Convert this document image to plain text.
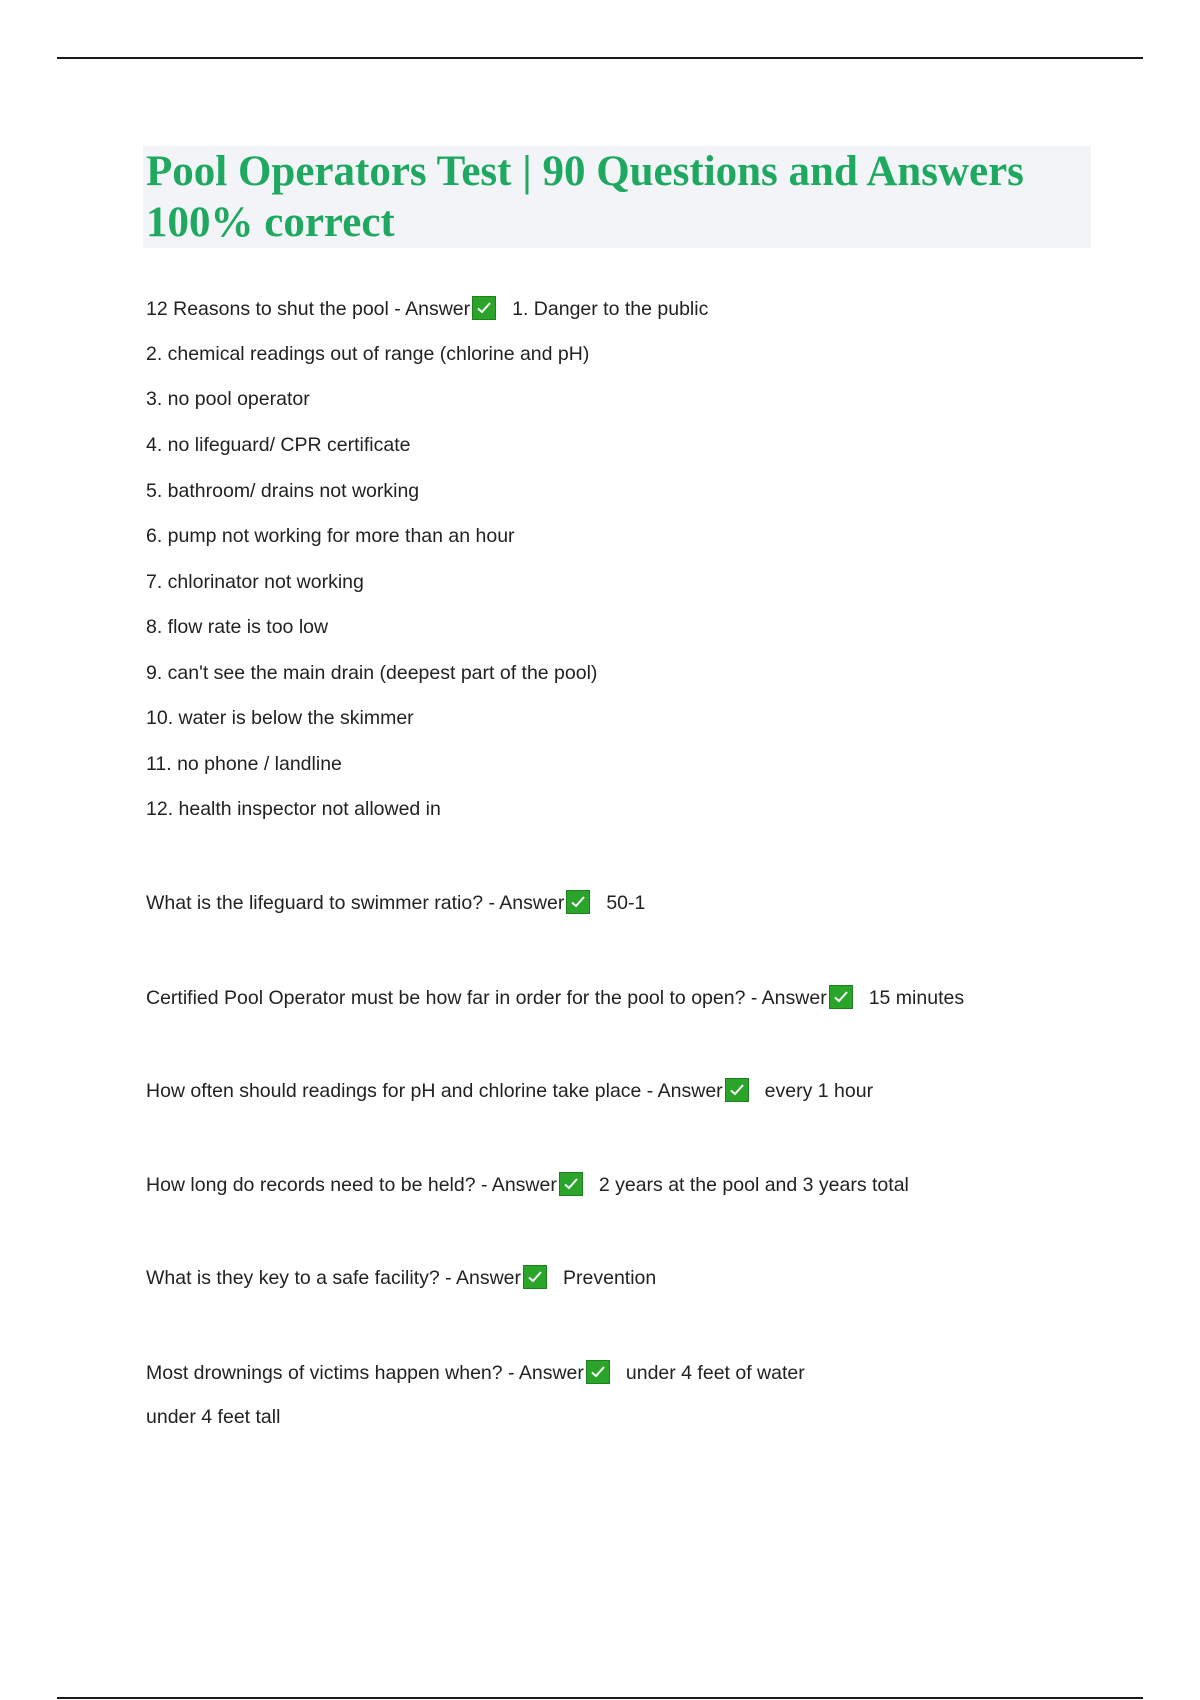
Pool Operators Test | 90 Questions and Answers 100% correct
12 Reasons to shut the pool - Answer 1. Danger to the public
2. chemical readings out of range (chlorine and pH)
3. no pool operator
4. no lifeguard/ CPR certificate
5. bathroom/ drains not working
6. pump not working for more than an hour
7. chlorinator not working
8. flow rate is too low
9. can't see the main drain (deepest part of the pool)
10. water is below the skimmer
11. no phone / landline
12. health inspector not allowed in
What is the lifeguard to swimmer ratio? - Answer 50-1
Certified Pool Operator must be how far in order for the pool to open? - Answer 15 minutes
How often should readings for pH and chlorine take place - Answer every 1 hour
How long do records need to be held? - Answer 2 years at the pool and 3 years total
What is they key to a safe facility? - Answer Prevention
Most drownings of victims happen when? - Answer under 4 feet of water
under 4 feet tall
